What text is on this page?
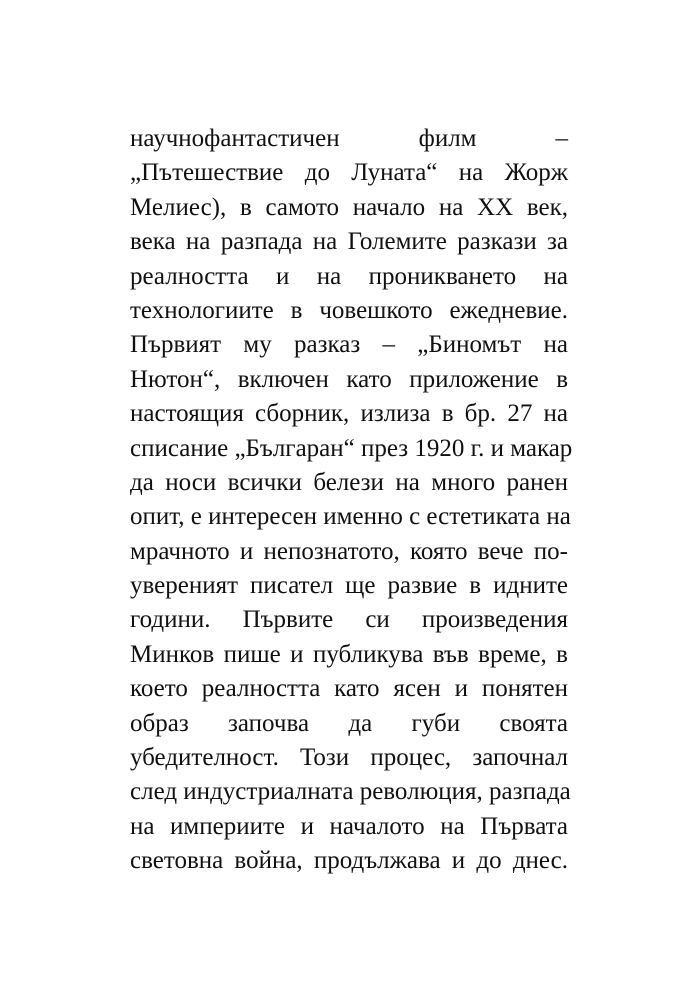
научнофантастичен филм –
„Пътешествие до Луната“ на Жорж
Мелиес), в самото начало на XX век,
века на разпада на Големите разкази за
реалността и на проникването на
технологиите в човешкото ежедневие.
Първият му разказ – „Биномът на
Нютон“, включен като приложение в
настоящия сборник, излиза в бр. 27 на
списание „Българан“ през 1920 г. и макар
да носи всички белези на много ранен
опит, е интересен именно с естетиката на
мрачното и непознатото, която вече по-
увереният писател ще развие в идните
години. Първите си произведения
Минков пише и публикува във време, в
което реалността като ясен и понятен
образ започва да губи своята
убедителност. Този процес, започнал
след индустриалната революция, разпада
на империите и началото на Първата
световна война, продължава и до днес.
